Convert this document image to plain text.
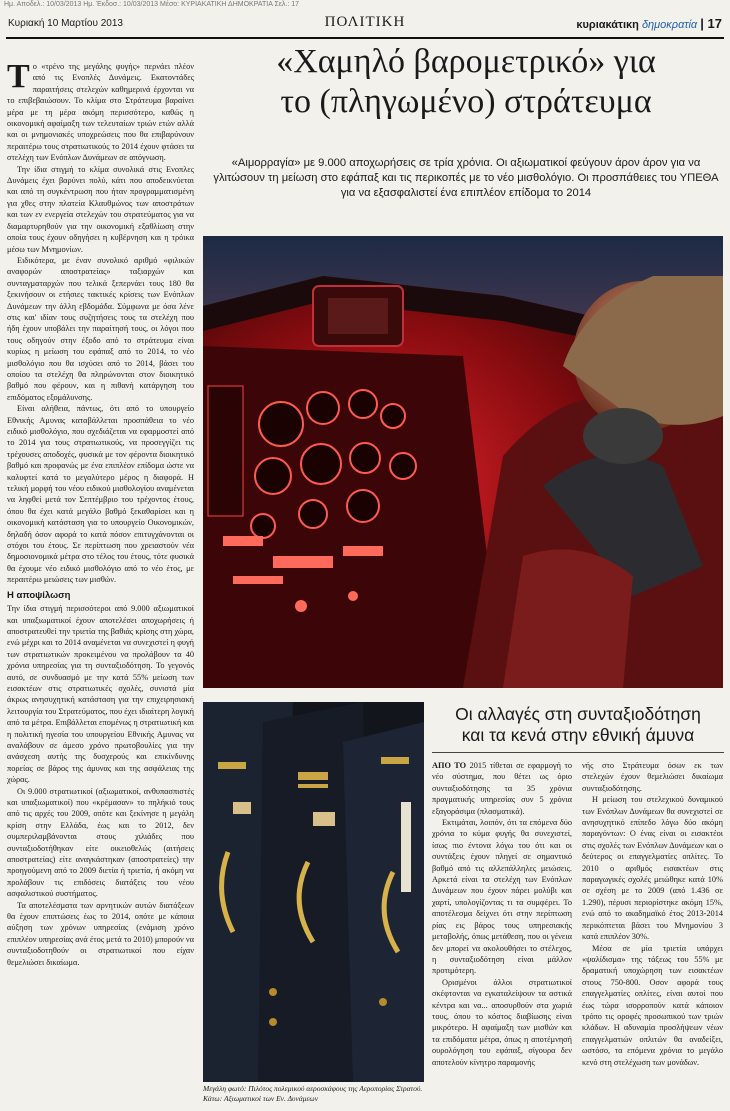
Ημ. Αποδελ.: 10/03/2013 Ημ. Έκδοσ.: 10/03/2013 Μέσο: ΚΥΡΙΑΚΑΤΙΚΗ ΔΗΜΟΚΡΑΤΙΑ Σελ.: 17
Κυριακή 10 Μαρτίου 2013	ΠΟΛΙΤΙΚΗ	κυριακάτικη δημοκρατία | 17

Το «τρένο της μεγάλης φυγής» περνάει πλέον από τις Ενοπλές Δυνάμεις. Εκατοντάδες παραιτήσεις στελεχών καθημερινά έρχονται να το επιβεβαιώσουν. Το κλίμα στο Στράτευμα βαραίνει μέρα με τη μέρα ακόμη περισσότερο, καθώς η οικονομική αφαίμαξη των τελευταίων τριών ετών αλλά και οι μνημονιακές υποχρεώσεις που θα επιβαρύνουν περαιτέρω τους στρατιωτικούς το 2014 έχουν φτάσει τα στελέχη των Ενόπλων Δυνάμεων σε απόγνωση.

Την ίδια στιγμή το κλίμα συνολικά στις Ενοπλες Δυνάμεις έχει βαρύνει πολύ, κάτι που αποδεικνύεται και από τη συγκέντρωση που ήταν προγραμματισμένη για χθες στην πλατεία Κλαυθμώνος των αποστράτων και των εν ενεργεία στελεχών του στρατεύματος για να διαμαρτυρηθούν για την οικονομική εξαθλίωση στην οποία τους έχουν οδηγήσει η κυβέρνηση και η τρόικα μέσω των Μνημονίων.

Ειδικότερα, με έναν συνολικό αριθμό «φιλικών αναφορών αποστρατείας» ταξιαρχών και συνταγματαρχών που τελικά ξεπερνάει τους 180 θα ξεκινήσουν οι ετήσιες τακτικές κρίσεις των Ενόπλων Δυνάμεων την άλλη εβδομάδα. Σύμφωνα με όσα λένε στις και' ιδίαν τους συζητήσεις τους τα στελέχη που ήδη έχουν υποβάλει την παραίτησή τους, οι λόγοι που τους οδηγούν στην έξοδο από το στράτευμα είναι κυρίως η μείωση του εφάπαξ από το 2014, το νέο μισθολόγιο που θα ισχύσει από το 2014, βάσει του οποίου τα στελέχη θα πληρώνονται στον διοικητικό βαθμό που φέρουν, και η πιθανή κατάργηση του επιδόματος εξομάλυνσης.

Είναι αλήθεια, πάντως, ότι από το υπουργείο Εθνικής Αμυνας καταβάλλεται προσπάθεια το νέο ειδικό μισθολόγιο, που σχεδιάζεται να εφαρμοστεί από το 2014 για τους στρατιωτικούς, να προσεγγίζει τις τρέχουσες αποδοχές, φυσικά με τον φέροντα διοικητικό βαθμό και προφανώς με ένα επιπλέον επίδομα ώστε να καλυφτεί κατά το μεγαλύτερο μέρος η διαφορά. Η τελική μορφή του νέου ειδικού μισθολογίου αναμένεται να ληφθεί μετά τον Σεπτέμβριο του τρέχοντος έτους, όπου θα έχει κατά μεγάλο βαθμό ξεκαθαρίσει και η οικονομική κατάσταση για το υπουργείο Οικονομικών, δηλαδή όσον αφορά το κατά πόσον επιτυγχάνονται οι στόχοι του έτους. Σε περίπτωση που χρειαστούν νέα δημοσιονομικά μέτρα στο τέλος του έτους, τότε φυσικά θα έχουμε νέο ειδικό μισθολόγιο από το νέο έτος, με περαιτέρω μειώσεις των μισθών.

Η αποψίλωση

Την ίδια στιγμή περισσότεροι από 9.000 αξιωματικοί και υπαξιωματικοί έχουν αποτελέσει αποχωρήσεις ή αποστρατευθεί την τριετία της βαθιάς κρίσης στη χώρα, ενώ μέχρι και το 2014 αναμένεται να συνεχιστεί η φυγή των στρατιωτικών προκειμένου να προλάβουν τα 40 χρόνια υπηρεσίας για τη συνταξιοδότηση. Το γεγονός αυτό, σε συνδυασμό με την κατά 55% μείωση των εισακτέων στις στρατιωτικές σχολές, συνιστά μία άκρως ανησυχητική κατάσταση για την επιχειρησιακή λειτουργία του Στρατεύματος, που έχει ιδιαίτερη λογική από τα μέτρα. Επιβάλλεται επομένως η στρατιωτική και η πολιτική ηγεσία του υπουργείου Εθνικής Αμυνας να αναλάβουν σε άμεσο χρόνο πρωτοβουλίες για την ανάσχεση αυτής της δυσχερούς και επικίνδυνης πορείας σε βάρος της άμυνας και της ασφάλειας της χώρας.

Οι 9.000 στρατιωτικοί (αξιωματικοί, ανθυπασπιστές και υπαξιωματικοί) που «κρέμασαν» το πηλήκιό τους από τις αρχές του 2009, οπότε και ξεκίνησε η μεγάλη κρίση στην Ελλάδα, έως και το 2012, δεν συμπεριλαμβάνονται στους χιλιάδες που συνταξιοδοτήθηκαν είτε οικειοθελώς (αιτήσεις αποστρατείας) είτε αναγκάστηκαν (αποστρατείες) την προηγούμενη από το 2009 διετία ή τριετία, ή ακόμη να προλάβουν τις επιδόσεις διατάξεις του νέου ασφαλιστικού συστήματος.

Τα αποτελέσματα των αρνητικών αυτών διατάξεων θα έχουν επιπτώσεις έως το 2014, οπότε με κάποια αύξηση των χρόνων υπηρεσίας (ενάμιση χρόνο επιπλέον υπηρεσίας ανά έτος μετά το 2010) μπορούν να συνταξιοδοτηθούν οι στρατιωτικοί που είχαν θεμελιώσει δικαίωμα.

«Χαμηλό βαρομετρικό» για
το (πληγωμένο) στράτευμα
«Αιμορραγία» με 9.000 αποχωρήσεις σε τρία χρόνια. Οι αξιωματικοί φεύγουν άρον άρον για να γλιτώσουν τη μείωση στο εφάπαξ και τις περικοπές με το νέο μισθολόγιο. Οι προσπάθειες του ΥΠΕΘΑ για να εξασφαλιστεί ένα επιπλέον επίδομα το 2014
Μεγάλη φωτό: Πιλότος πολεμικού αεροσκάφους της Αεροπορίας Στρατού. Κάτω: Αξιωματικοί των Εν. Δυνάμεων
Οι αλλαγές στη συνταξιοδότηση
και τα κενά στην εθνική άμυνα

ΑΠΟ ΤΟ 2015 τίθεται σε εφαρμογή το νέο σύστημα, που θέτει ως όριο συνταξιοδότησης τα 35 χρόνια πραγματικής υπηρεσίας συν 5 χρόνια εξαγοράσιμα (πλασματικά).

Εκτιμάται, λοιπόν, ότι τα επόμενα δύο χρόνια το κύμα φυγής θα συνεχιστεί, ίσως πιο έντονα λόγω του ότι και οι συντάξεις έχουν πληγεί σε σημαντικό βαθμό από τις αλλεπάλληλες μειώσεις. Αρκετά είναι τα στελέχη των Ενόπλων Δυνάμεων που έχουν πάρει μολύβι και χαρτί, υπολογίζοντας τι τα συμφέρει. Το αποτέλεσμα δείχνει ότι στην περίπτωση ρίας εις βάρος τους υπηρεσιακής μεταβολής, όπως μετάθεση, που οι γένεια δεν μπορεί να ακολουθήσει το στέλεχος, η συνταξιοδότηση είναι μάλλον προτιμότερη.

Ορισμένοι άλλοι στρατιωτικοί σκέφτονται να εγκαταλείψουν τα αστικά κέντρα και να... αποσυρθούν στα χωριά τους, όπου το κόστος διαβίωσης είναι μικρότερο. Η αφαίμαξη των μισθών και τα επιδόματα μέτρα, όπως η αποτέμνησή ουρολόγηση του εφάπαξ, σίγουρα δεν αποτελούν κίνητρο παραμονής

νής στο Στράτευμα όσων εκ των στελεχών έχουν θεμελιώσει δικαίωμα συνταξιοδότησης.

Η μείωση του στελεχικού δυναμικού των Ενόπλων Δυνάμεων θα συνεχιστεί σε ανησυχητικό επίπεδο λόγω δύο ακόμη παραγόντων: Ο ένας είναι οι εισακτέοι στις σχολές των Ενόπλων Δυνάμεων και ο δεύτερος οι επαγγελματίες οπλίτες. Το 2010 ο αριθμός εισακτέων στις παραγωγικές σχολές μειώθηκε κατά 10% σε σχέση με το 2009 (από 1.436 σε 1.290), πέρυσι περιορίστηκε ακόμη 15%, ενώ από το ακαδημαϊκό έτος 2013-2014 περικόπτεται βάσει του Μνημονίου 3 κατά επιπλέον 30%.

Μέσα σε μία τριετία υπάρχει «ψαλίδισμα» της τάξεως του 55% με δραματική υποχώρηση των εισακτέων στους 750-800. Οσον αφορά τους επαγγελματίες οπλίτες, είναι αυτοί που έως τώρα ισορροπούν κατά κάποιον τρόπο τις οροφές προσωπικού των τριών κλάδων. Η αδυναμία προσλήψεων νέων επαγγελματιών οπλιτών θα αναδείξει, ωστόσο, τα επόμενα χρόνια το μεγάλο κενό στη στελέχωση των μονάδων.
